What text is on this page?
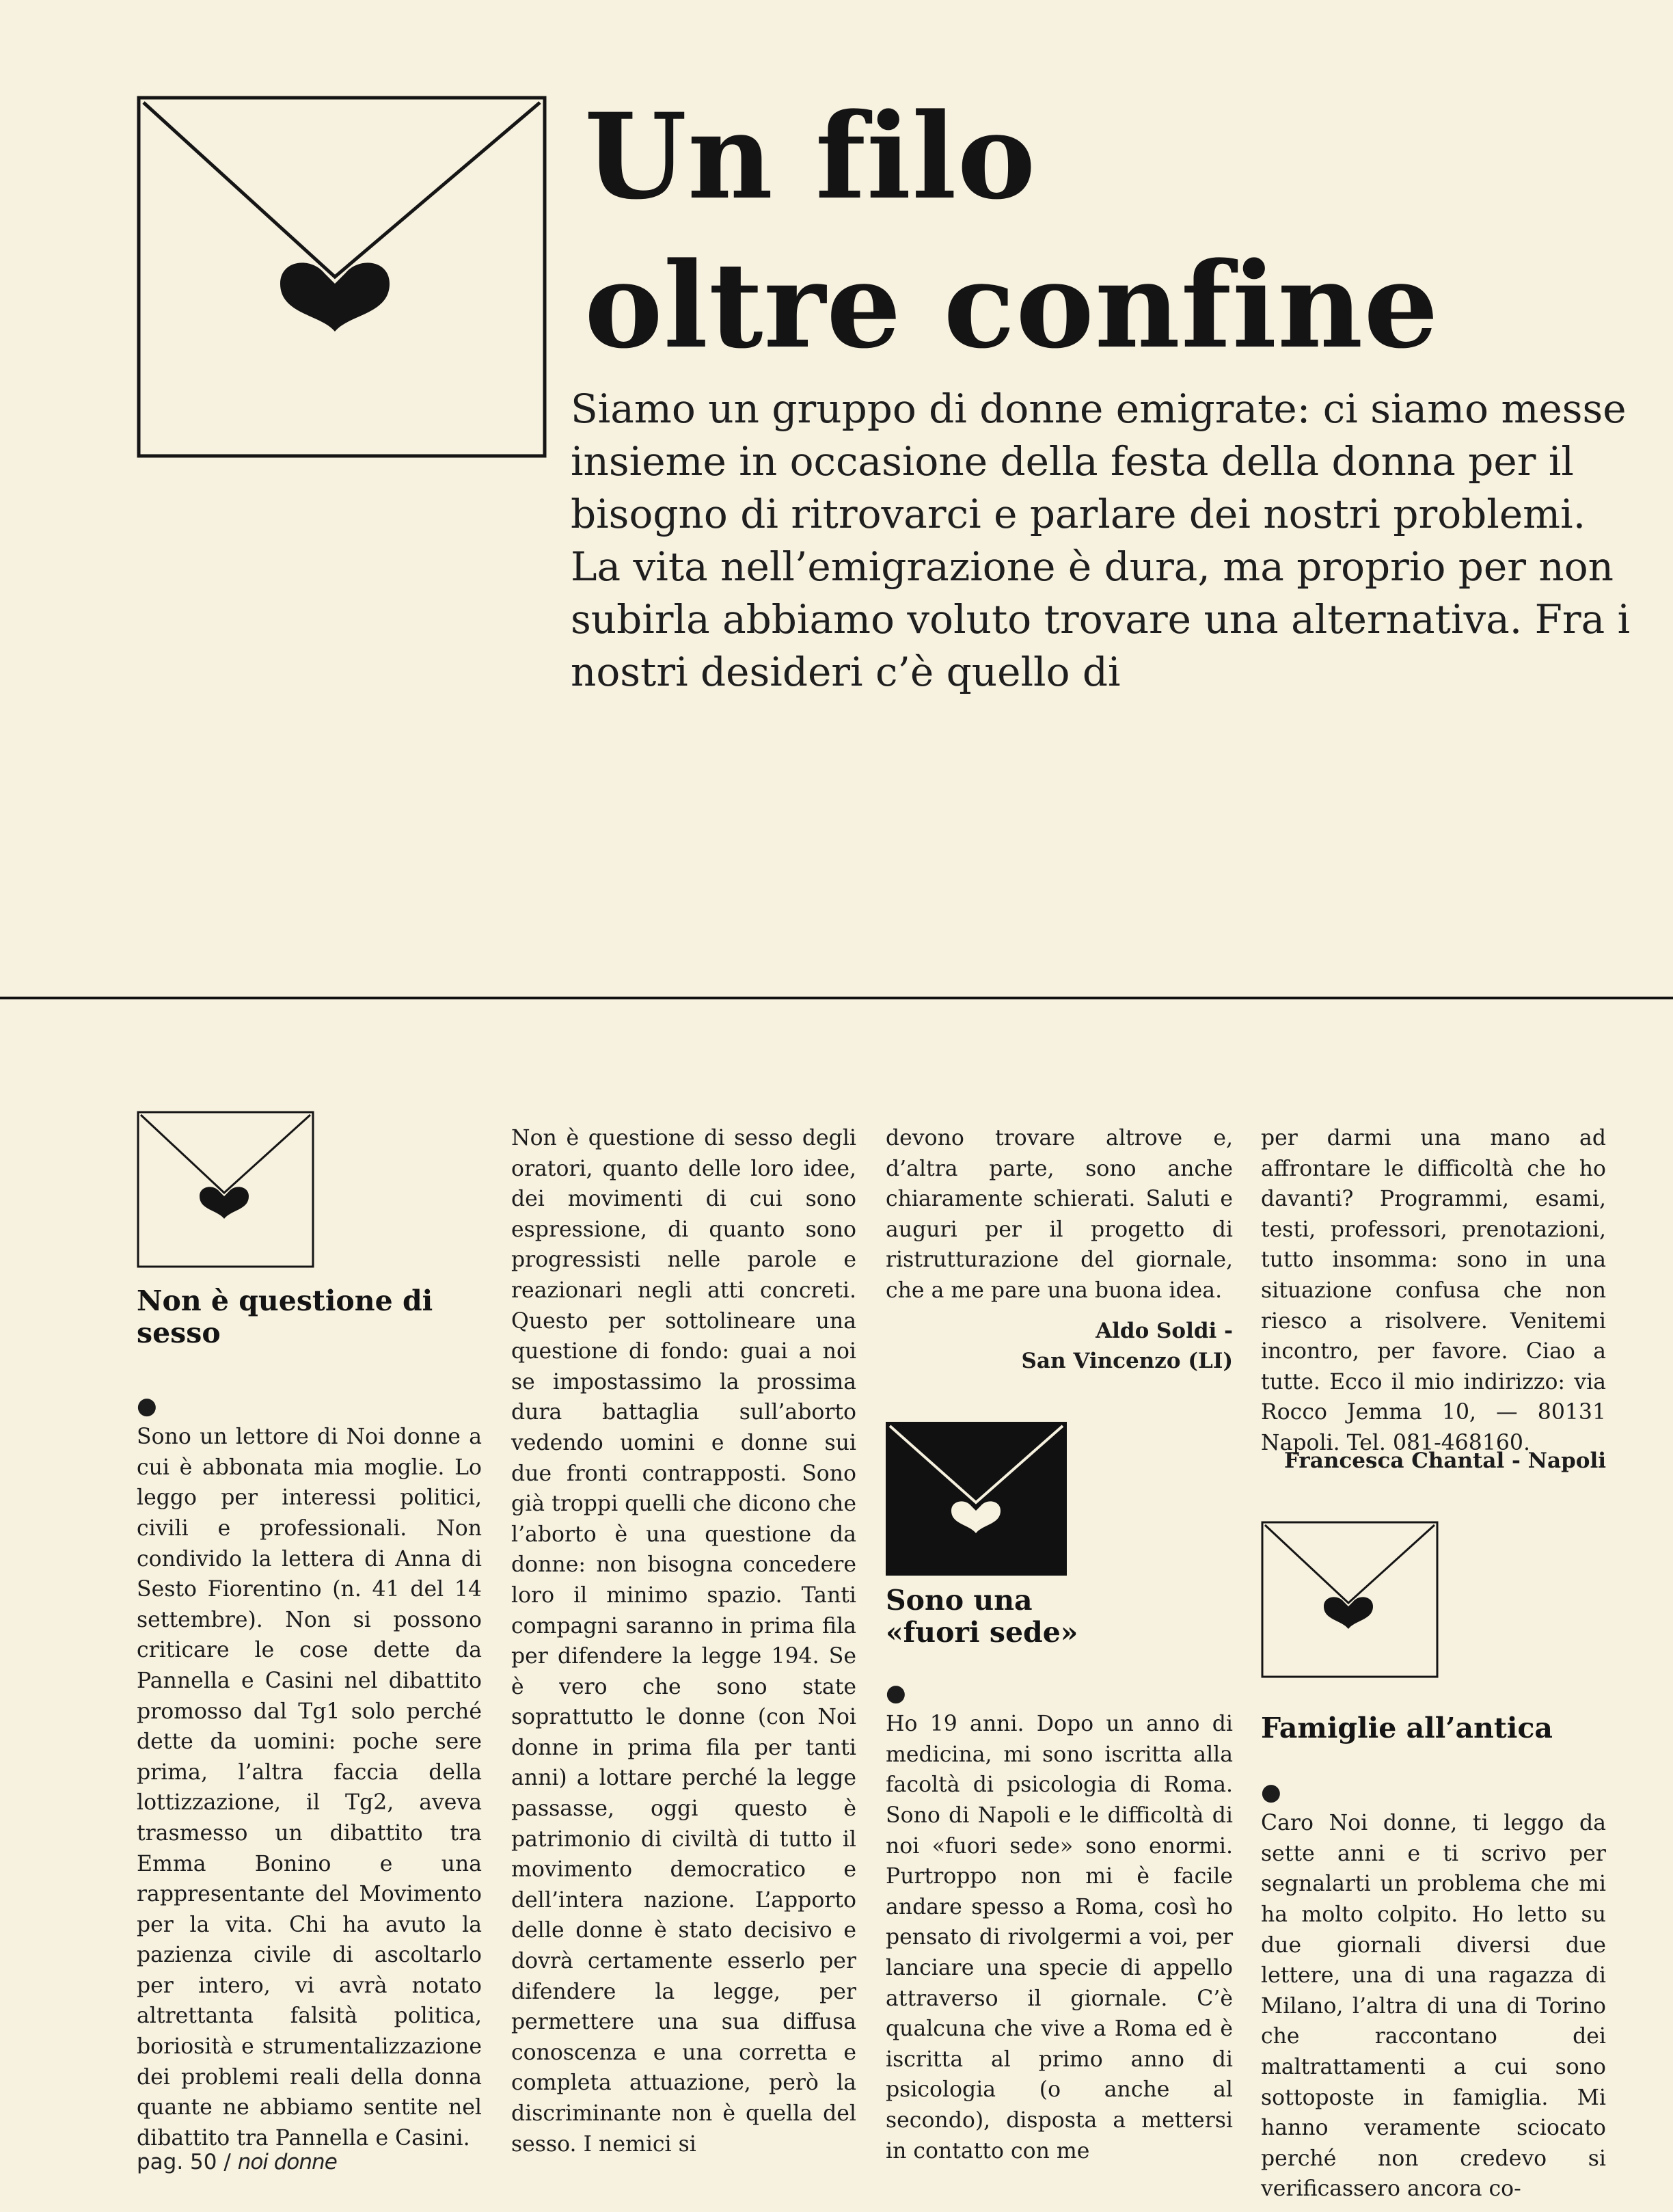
Un filo
oltre confine
Siamo un gruppo di donne emigrate: ci siamo messe insieme in occasione della festa della donna per il bisogno di ritrovarci e parlare dei nostri problemi. La vita nell’emigrazione è dura, ma proprio per non subirla abbiamo voluto trovare una alternativa. Fra i nostri desideri c’è quello di
Non è questione di sesso

●
Sono un lettore di Noi donne a cui è abbonata mia moglie. Lo leggo per interessi politici, civili e professionali. Non condivido la lettera di Anna di Sesto Fiorentino (n. 41 del 14 settembre). Non si possono criticare le cose dette da Pannella e Casini nel dibattito promosso dal Tg1 solo perché dette da uomini: poche sere prima, l’altra faccia della lottizzazione, il Tg2, aveva trasmesso un dibattito tra Emma Bonino e una rappresentante del Movimento per la vita. Chi ha avuto la pazienza civile di ascoltarlo per intero, vi avrà notato altrettanta falsità politica, boriosità e strumentalizzazione dei problemi reali della donna quante ne abbiamo sentite nel dibattito tra Pannella e Casini.

Non è questione di sesso degli oratori, quanto delle loro idee, dei movimenti di cui sono espressione, di quanto sono progressisti nelle parole e reazionari negli atti concreti. Questo per sottolineare una questione di fondo: guai a noi se impostassimo la prossima dura battaglia sull’aborto vedendo uomini e donne sui due fronti contrapposti. Sono già troppi quelli che dicono che l’aborto è una questione da donne: non bisogna concedere loro il minimo spazio. Tanti compagni saranno in prima fila per difendere la legge 194. Se è vero che sono state soprattutto le donne (con Noi donne in prima fila per tanti anni) a lottare perché la legge passasse, oggi questo è patrimonio di civiltà di tutto il movimento democratico e dell’intera nazione. L’apporto delle donne è stato decisivo e dovrà certamente esserlo per difendere la legge, per permettere una sua diffusa conoscenza e una corretta e completa attuazione, però la discriminante non è quella del sesso. I nemici si
devono trovare altrove e, d’altra parte, sono anche chiaramente schierati. Saluti e auguri per il progetto di ristrutturazione del giornale, che a me pare una buona idea.
Aldo Soldi -
San Vincenzo (LI)
Sono una
«fuori sede»

●
Ho 19 anni. Dopo un anno di medicina, mi sono iscritta alla facoltà di psicologia di Roma. Sono di Napoli e le difficoltà di noi «fuori sede» sono enormi. Purtroppo non mi è facile andare spesso a Roma, così ho pensato di rivolgermi a voi, per lanciare una specie di appello attraverso il giornale. C’è qualcuna che vive a Roma ed è iscritta al primo anno di psicologia (o anche al secondo), disposta a mettersi in contatto con me

per darmi una mano ad affrontare le difficoltà che ho davanti? Programmi, esami, testi, professori, prenotazioni, tutto insomma: sono in una situazione confusa che non riesco a risolvere. Venitemi incontro, per favore. Ciao a tutte. Ecco il mio indirizzo: via Rocco Jemma 10, — 80131 Napoli. Tel. 081-468160.
Francesca Chantal - Napoli
Famiglie all’antica

●
Caro Noi donne, ti leggo da sette anni e ti scrivo per segnalarti un problema che mi ha molto colpito. Ho letto su due giornali diversi due lettere, una di una ragazza di Milano, l’altra di una di Torino che raccontano dei maltrattamenti a cui sono sottoposte in famiglia. Mi hanno veramente sciocato perché non credevo si verificassero ancora co-

pag. 50 / noi donne
